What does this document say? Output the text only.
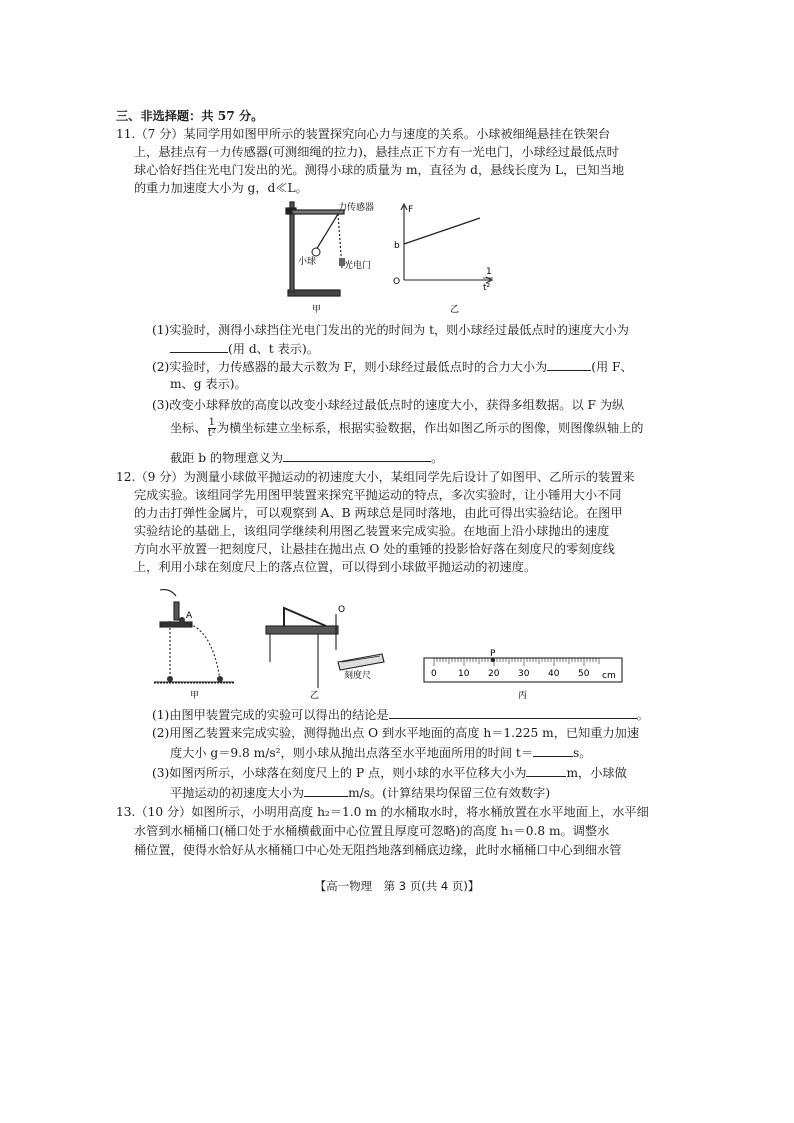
三、非选择题：共 57 分。
11.（7 分）某同学用如图甲所示的装置探究向心力与速度的关系。小球被细绳悬挂在铁架台
上，悬挂点有一力传感器(可测细绳的拉力)，悬挂点正下方有一光电门，小球经过最低点时
球心恰好挡住光电门发出的光。测得小球的质量为 m，直径为 d，悬线长度为 L，已知当地
的重力加速度大小为 g，d≪L。
力传感器
小球	光电门
甲
F
b
O
1
t²
乙
(1)实验时，测得小球挡住光电门发出的光的时间为 t，则小球经过最低点时的速度大小为
(用 d、t 表示)。
(2)实验时，力传感器的最大示数为 F，则小球经过最低点时的合力大小为	(用 F、
m、g 表示)。
(3)改变小球释放的高度以改变小球经过最低点时的速度大小，获得多组数据。以 F 为纵
坐标、 $\frac{1}{\text{t²}}$ 为横坐标建立坐标系，根据实验数据，作出如图乙所示的图像，则图像纵轴上的
截距 b 的物理意义为	。
12.（9 分）为测量小球做平抛运动的初速度大小，某组同学先后设计了如图甲、乙所示的装置来
完成实验。该组同学先用图甲装置来探究平抛运动的特点，多次实验时，让小锤用大小不同
的力击打弹性金属片，可以观察到 A、B 两球总是同时落地，由此可得出实验结论。在图甲
实验结论的基础上，该组同学继续利用图乙装置来完成实验。在地面上沿小球抛出的速度
方向水平放置一把刻度尺，让悬挂在抛出点 O 处的重锤的投影恰好落在刻度尺的零刻度线
上，利用小球在刻度尺上的落点位置，可以得到小球做平抛运动的初速度。
A
甲
O
刻度尺
乙
P
0 10 20 30 40 50 cm
丙
(1)由图甲装置完成的实验可以得出的结论是	。
(2)用图乙装置来完成实验，测得抛出点 O 到水平地面的高度 h＝1.225 m，已知重力加速
度大小 g＝9.8 m/s²，则小球从抛出点落至水平地面所用的时间 t＝	s。
(3)如图丙所示，小球落在刻度尺上的 P 点，则小球的水平位移大小为	m，小球做
平抛运动的初速度大小为	m/s。(计算结果均保留三位有效数字)
13.（10 分）如图所示，小明用高度 h₂＝1.0 m 的水桶取水时，将水桶放置在水平地面上，水平细
水管到水桶桶口(桶口处于水桶横截面中心位置且厚度可忽略)的高度 h₁＝0.8 m。调整水
桶位置，使得水恰好从水桶桶口中心处无阻挡地落到桶底边缘，此时水桶桶口中心到细水管
【高一物理　第 3 页(共 4 页)】
